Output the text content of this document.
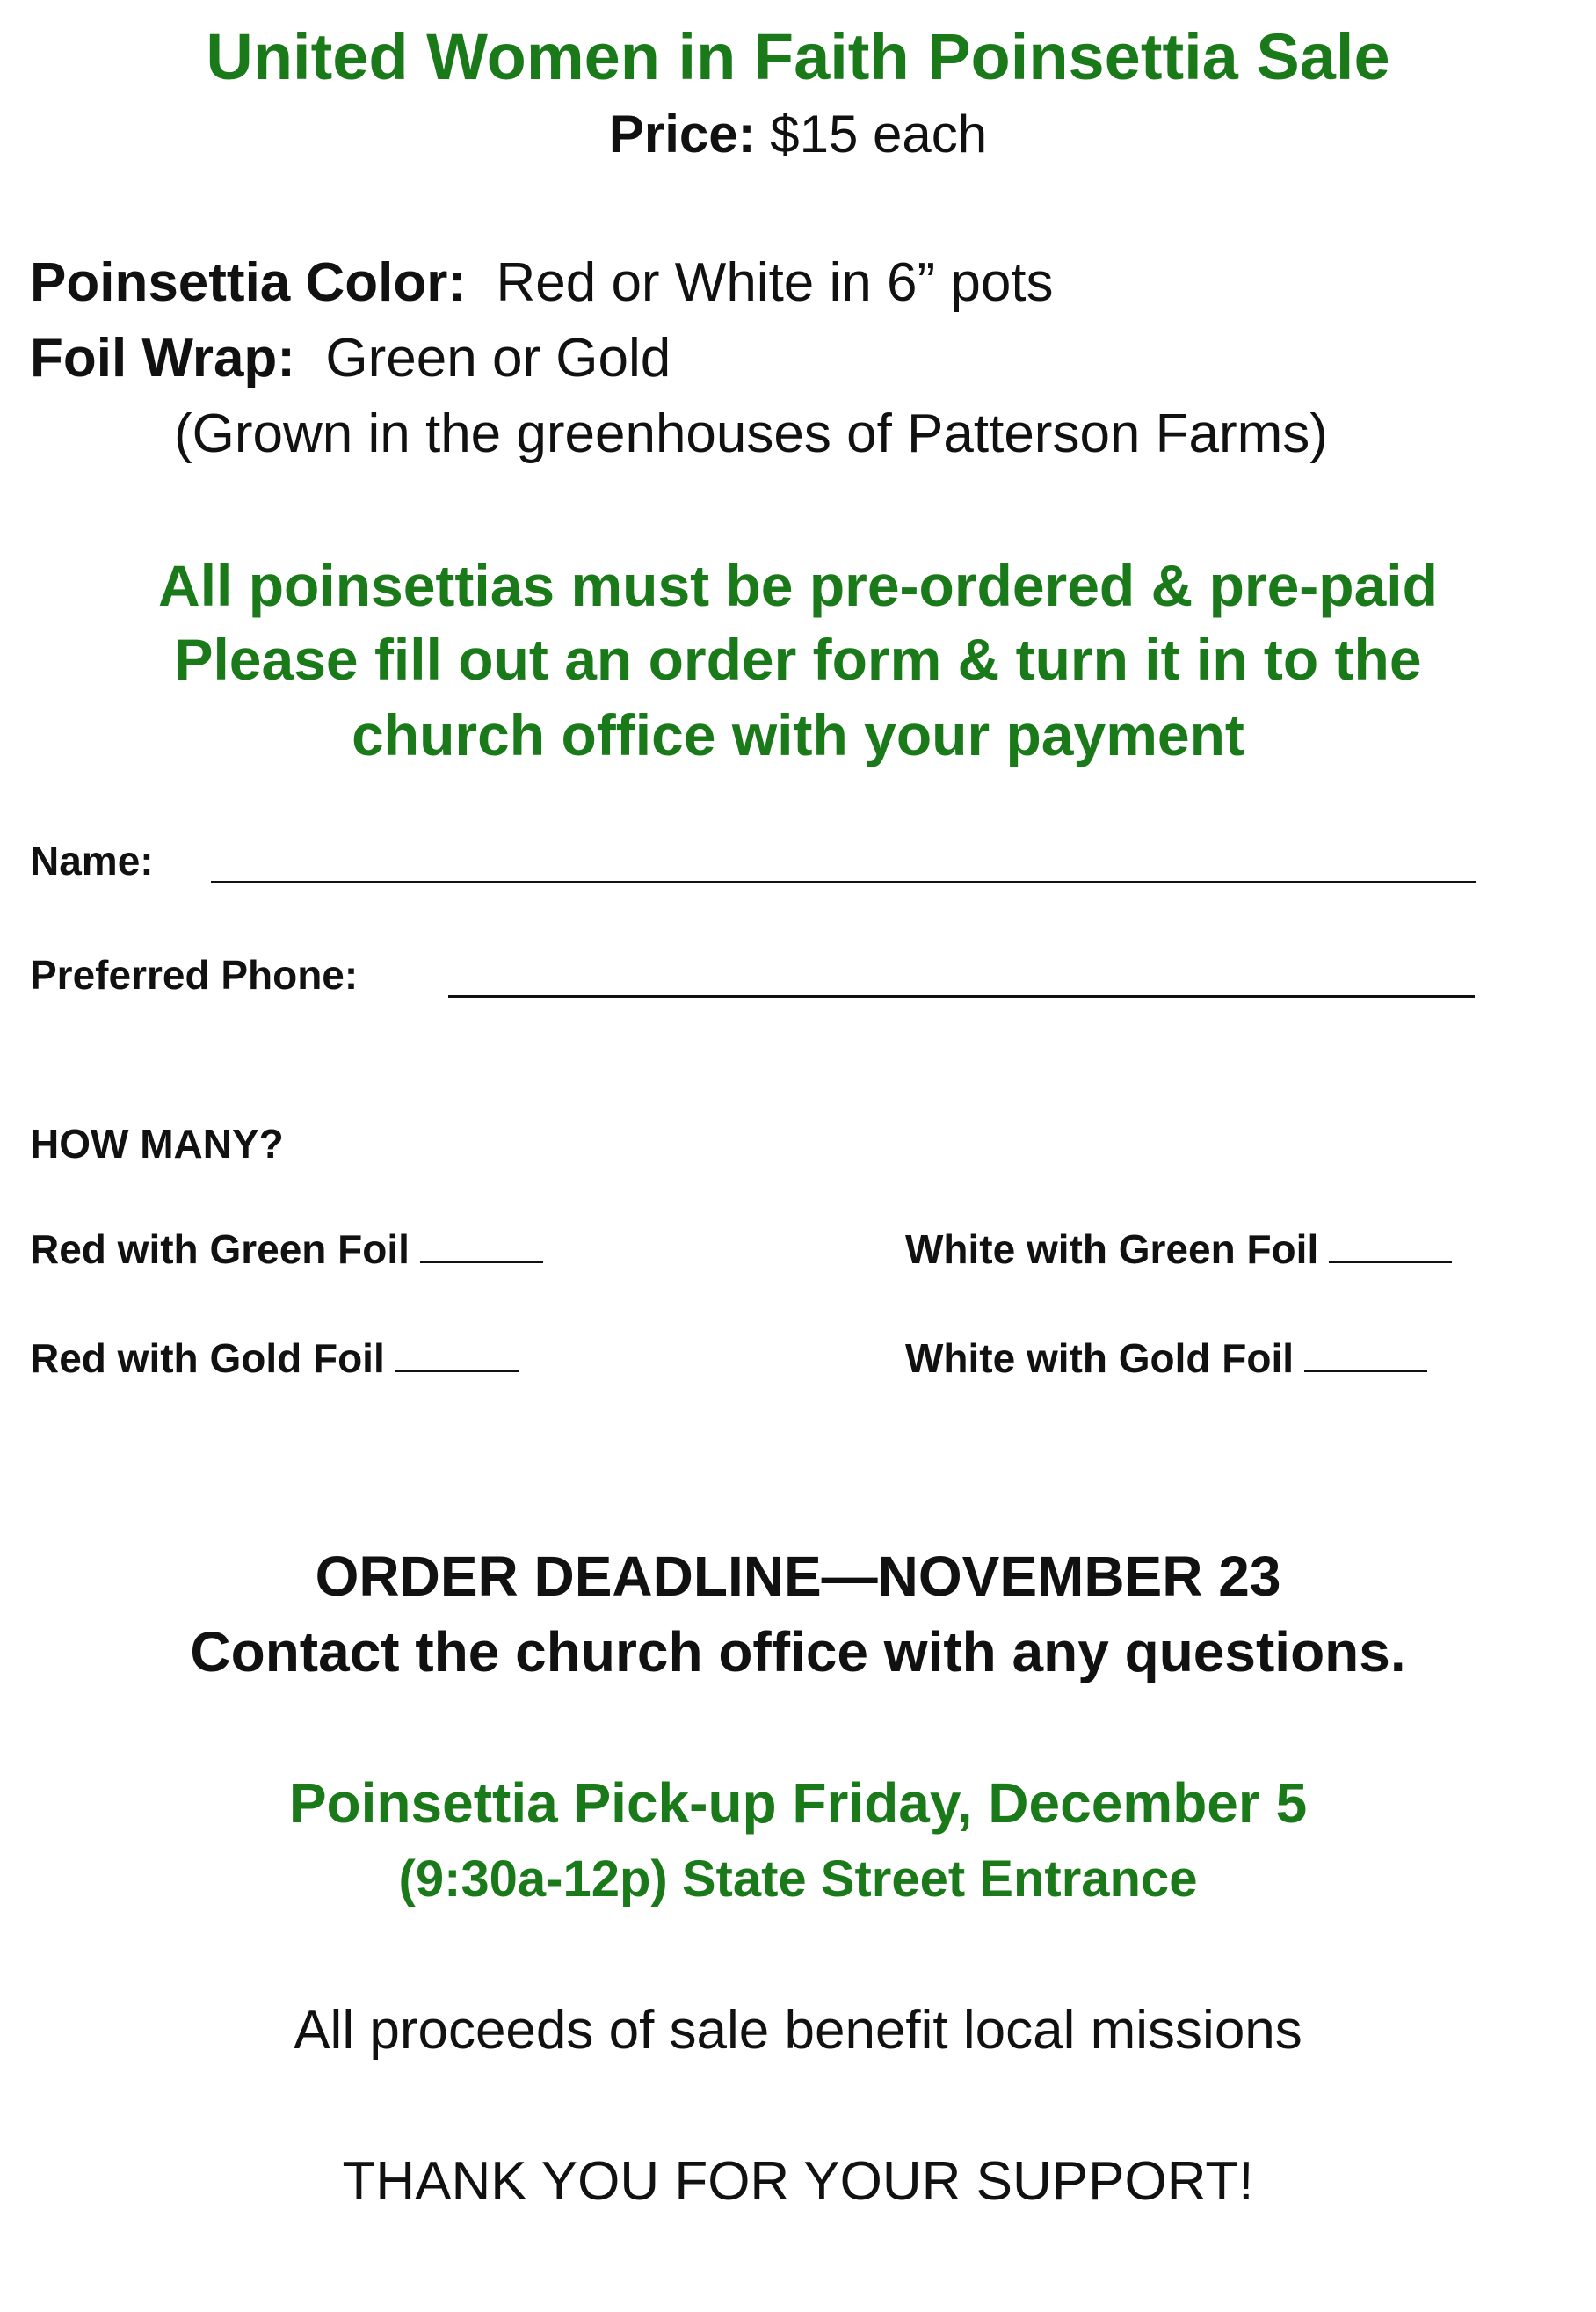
United Women in Faith Poinsettia Sale
Price: $15 each
Poinsettia Color: Red or White in 6” pots
Foil Wrap: Green or Gold
(Grown in the greenhouses of Patterson Farms)
All poinsettias must be pre-ordered & pre-paid
Please fill out an order form & turn it in to the
church office with your payment
Name:
Preferred Phone:
HOW MANY?
Red with Green Foil	White with Green Foil
Red with Gold Foil	White with Gold Foil
ORDER DEADLINE—NOVEMBER 23
Contact the church office with any questions.
Poinsettia Pick-up Friday, December 5
(9:30a-12p) State Street Entrance
All proceeds of sale benefit local missions
THANK YOU FOR YOUR SUPPORT!
